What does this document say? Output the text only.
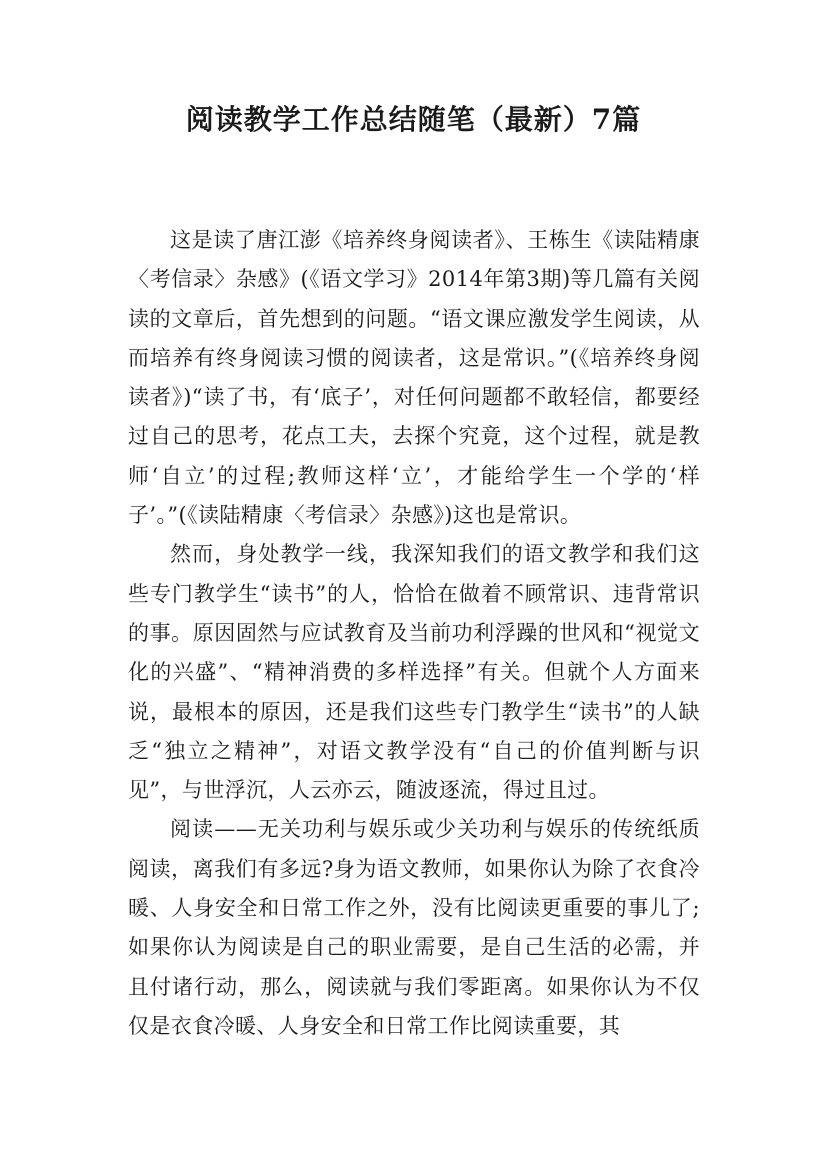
阅读教学工作总结随笔（最新）7篇

这是读了唐江澎《培养终身阅读者》、王栋生《读陆精康〈考信录〉杂感》(《语文学习》2014年第3期)等几篇有关阅读的文章后，首先想到的问题。“语文课应激发学生阅读，从而培养有终身阅读习惯的阅读者，这是常识。”(《培养终身阅读者》)“读了书，有‘底子’，对任何问题都不敢轻信，都要经过自己的思考，花点工夫，去探个究竟，这个过程，就是教师‘自立’的过程;教师这样‘立’，才能给学生一个学的‘样子’。”(《读陆精康〈考信录〉杂感》)这也是常识。

然而，身处教学一线，我深知我们的语文教学和我们这些专门教学生“读书”的人，恰恰在做着不顾常识、违背常识的事。原因固然与应试教育及当前功利浮躁的世风和“视觉文化的兴盛”、“精神消费的多样选择”有关。但就个人方面来说，最根本的原因，还是我们这些专门教学生“读书”的人缺乏“独立之精神”，对语文教学没有“自己的价值判断与识见”，与世浮沉，人云亦云，随波逐流，得过且过。

阅读——无关功利与娱乐或少关功利与娱乐的传统纸质阅读，离我们有多远?身为语文教师，如果你认为除了衣食冷暖、人身安全和日常工作之外，没有比阅读更重要的事儿了;如果你认为阅读是自己的职业需要，是自己生活的必需，并且付诸行动，那么，阅读就与我们零距离。如果你认为不仅仅是衣食冷暖、人身安全和日常工作比阅读重要，其
